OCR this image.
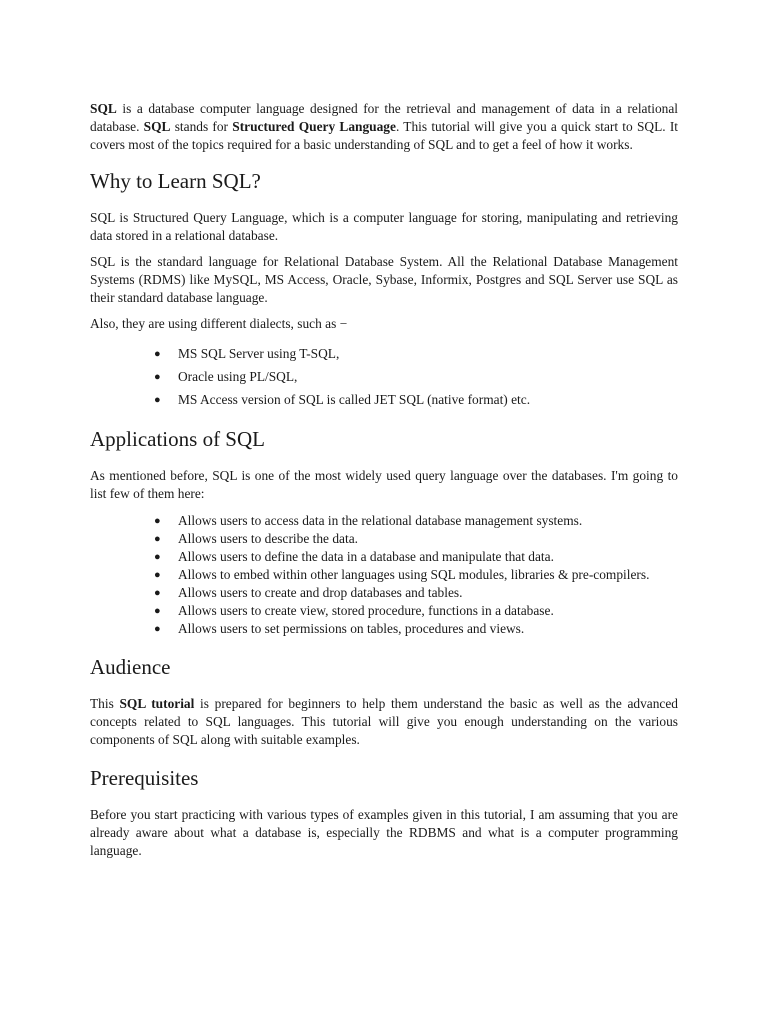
SQL is a database computer language designed for the retrieval and management of data in a relational database. SQL stands for Structured Query Language. This tutorial will give you a quick start to SQL. It covers most of the topics required for a basic understanding of SQL and to get a feel of how it works.

Why to Learn SQL?

SQL is Structured Query Language, which is a computer language for storing, manipulating and retrieving data stored in a relational database.

SQL is the standard language for Relational Database System. All the Relational Database Management Systems (RDMS) like MySQL, MS Access, Oracle, Sybase, Informix, Postgres and SQL Server use SQL as their standard database language.

Also, they are using different dialects, such as −

● MS SQL Server using T-SQL,
● Oracle using PL/SQL,
● MS Access version of SQL is called JET SQL (native format) etc.
Applications of SQL

As mentioned before, SQL is one of the most widely used query language over the databases. I'm going to list few of them here:

● Allows users to access data in the relational database management systems.
● Allows users to describe the data.
● Allows users to define the data in a database and manipulate that data.
● Allows to embed within other languages using SQL modules, libraries & pre-compilers.
● Allows users to create and drop databases and tables.
● Allows users to create view, stored procedure, functions in a database.
● Allows users to set permissions on tables, procedures and views.
Audience

This SQL tutorial is prepared for beginners to help them understand the basic as well as the advanced concepts related to SQL languages. This tutorial will give you enough understanding on the various components of SQL along with suitable examples.

Prerequisites

Before you start practicing with various types of examples given in this tutorial, I am assuming that you are already aware about what a database is, especially the RDBMS and what is a computer programming language.
